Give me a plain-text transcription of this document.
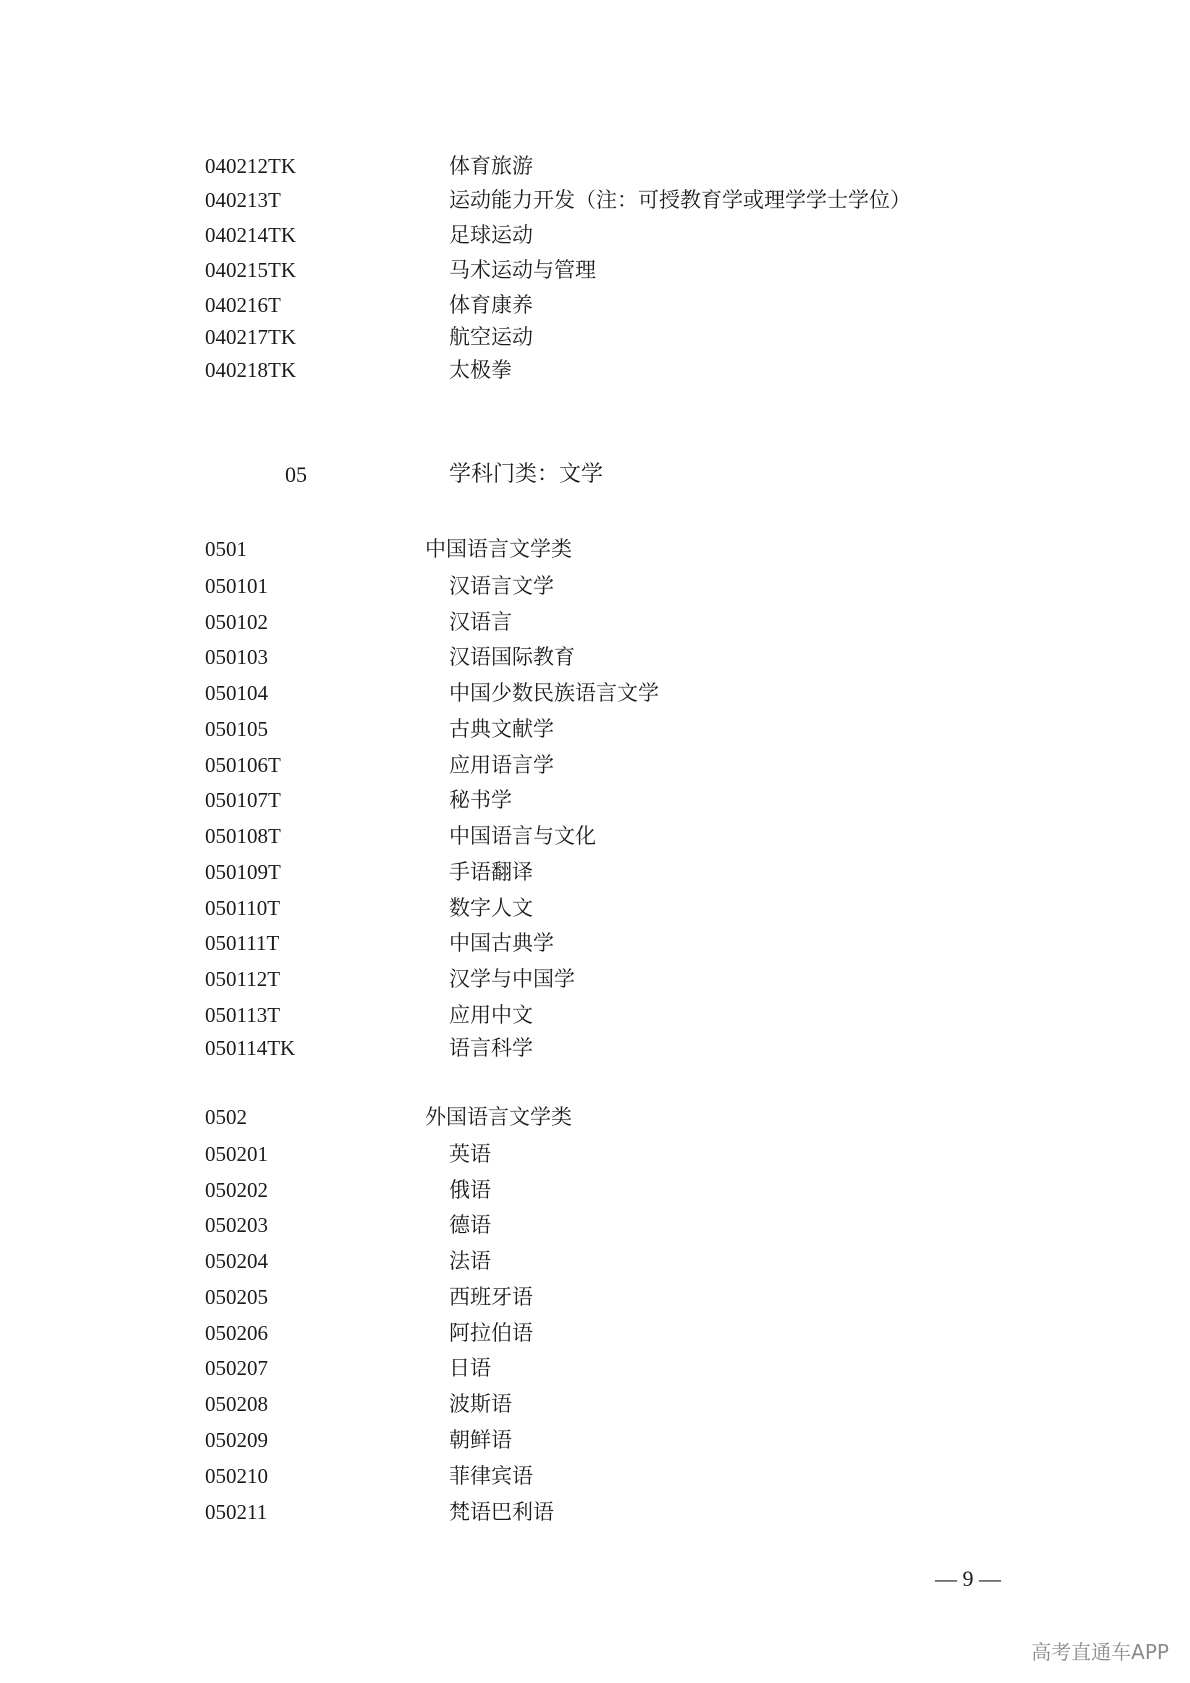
040212TK	体育旅游
040213T	运动能力开发（注：可授教育学或理学学士学位）
040214TK	足球运动
040215TK	马术运动与管理
040216T	体育康养
040217TK	航空运动
040218TK	太极拳
05	学科门类：文学
0501	中国语言文学类
050101	汉语言文学
050102	汉语言
050103	汉语国际教育
050104	中国少数民族语言文学
050105	古典文献学
050106T	应用语言学
050107T	秘书学
050108T	中国语言与文化
050109T	手语翻译
050110T	数字人文
050111T	中国古典学
050112T	汉学与中国学
050113T	应用中文
050114TK	语言科学
0502	外国语言文学类
050201	英语
050202	俄语
050203	德语
050204	法语
050205	西班牙语
050206	阿拉伯语
050207	日语
050208	波斯语
050209	朝鲜语
050210	菲律宾语
050211	梵语巴利语
— 9 —
高考直通车APP
